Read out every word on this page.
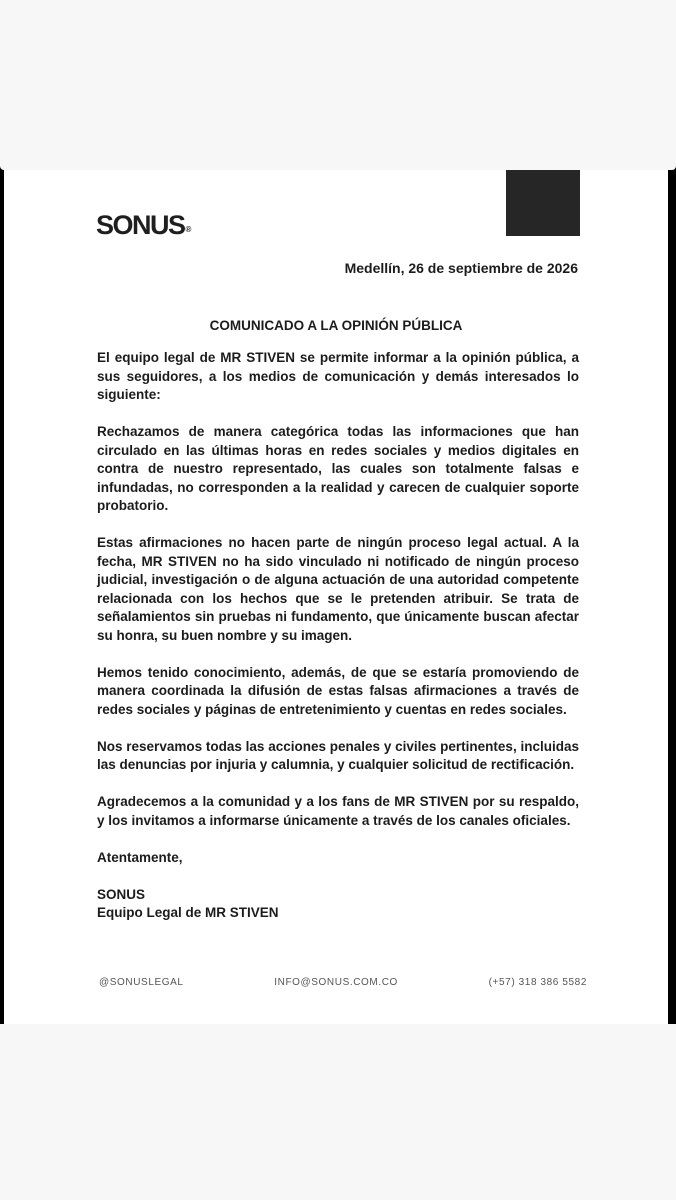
SONUS®
Medellín, 26 de septiembre de 2026
COMUNICADO A LA OPINIÓN PÚBLICA

El equipo legal de MR STIVEN se permite informar a la opinión pública, a sus seguidores, a los medios de comunicación y demás interesados lo siguiente:

Rechazamos de manera categórica todas las informaciones que han circulado en las últimas horas en redes sociales y medios digitales en contra de nuestro representado, las cuales son totalmente falsas e infundadas, no corresponden a la realidad y carecen de cualquier soporte probatorio.

Estas afirmaciones no hacen parte de ningún proceso legal actual. A la fecha, MR STIVEN no ha sido vinculado ni notificado de ningún proceso judicial, investigación o de alguna actuación de una autoridad competente relacionada con los hechos que se le pretenden atribuir. Se trata de señalamientos sin pruebas ni fundamento, que únicamente buscan afectar su honra, su buen nombre y su imagen.

Hemos tenido conocimiento, además, de que se estaría promoviendo de manera coordinada la difusión de estas falsas afirmaciones a través de redes sociales y páginas de entretenimiento y cuentas en redes sociales.

Nos reservamos todas las acciones penales y civiles pertinentes, incluidas las denuncias por injuria y calumnia, y cualquier solicitud de rectificación.

Agradecemos a la comunidad y a los fans de MR STIVEN por su respaldo, y los invitamos a informarse únicamente a través de los canales oficiales.

Atentamente,

SONUS

Equipo Legal de MR STIVEN

@SONUSLEGAL	INFO@SONUS.COM.CO	(+57) 318 386 5582
